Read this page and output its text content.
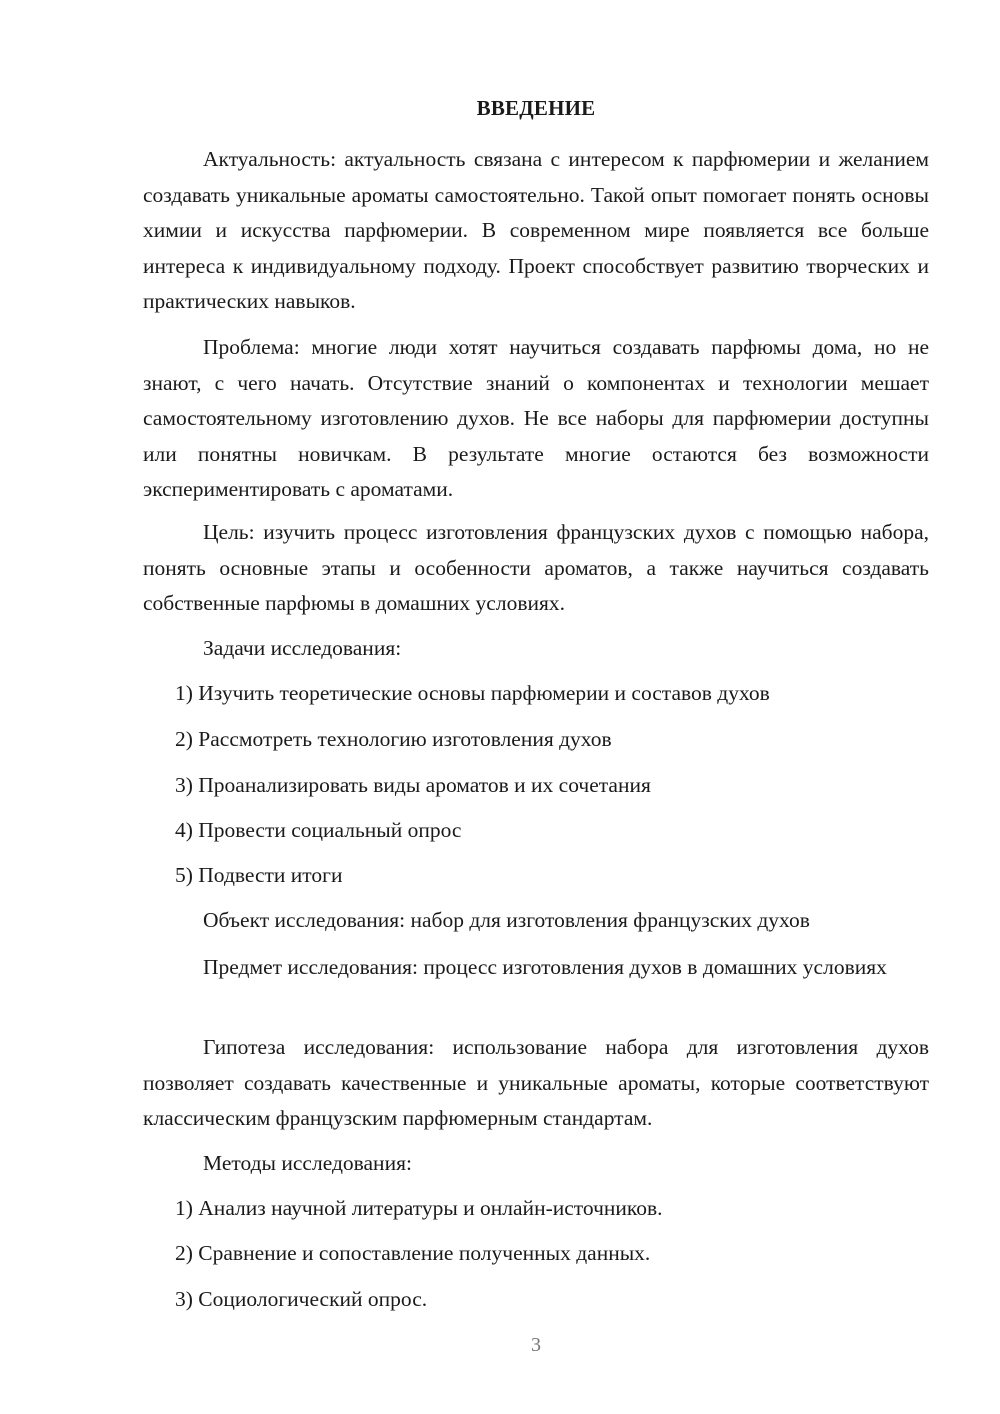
ВВЕДЕНИЕ

Актуальность: актуальность связана с интересом к парфюмерии и желанием создавать уникальные ароматы самостоятельно. Такой опыт помогает понять основы химии и искусства парфюмерии. В современном мире появляется все больше интереса к индивидуальному подходу. Проект способствует развитию творческих и практических навыков.

Проблема: многие люди хотят научиться создавать парфюмы дома, но не знают, с чего начать. Отсутствие знаний о компонентах и технологии мешает самостоятельному изготовлению духов. Не все наборы для парфюмерии доступны или понятны новичкам. В результате многие остаются без возможности экспериментировать с ароматами.

Цель: изучить процесс изготовления французских духов с помощью набора, понять основные этапы и особенности ароматов, а также научиться создавать собственные парфюмы в домашних условиях.

Задачи исследования:

1) Изучить теоретические основы парфюмерии и составов духов

2) Рассмотреть технологию изготовления духов

3) Проанализировать виды ароматов и их сочетания

4) Провести социальный опрос

5) Подвести итоги

Объект исследования: набор для изготовления французских духов

Предмет исследования: процесс изготовления духов в домашних условиях

Гипотеза исследования: использование набора для изготовления духов позволяет создавать качественные и уникальные ароматы, которые соответствуют классическим французским парфюмерным стандартам.

Методы исследования:

1) Анализ научной литературы и онлайн-источников.

2) Сравнение и сопоставление полученных данных.

3) Социологический опрос.

3
